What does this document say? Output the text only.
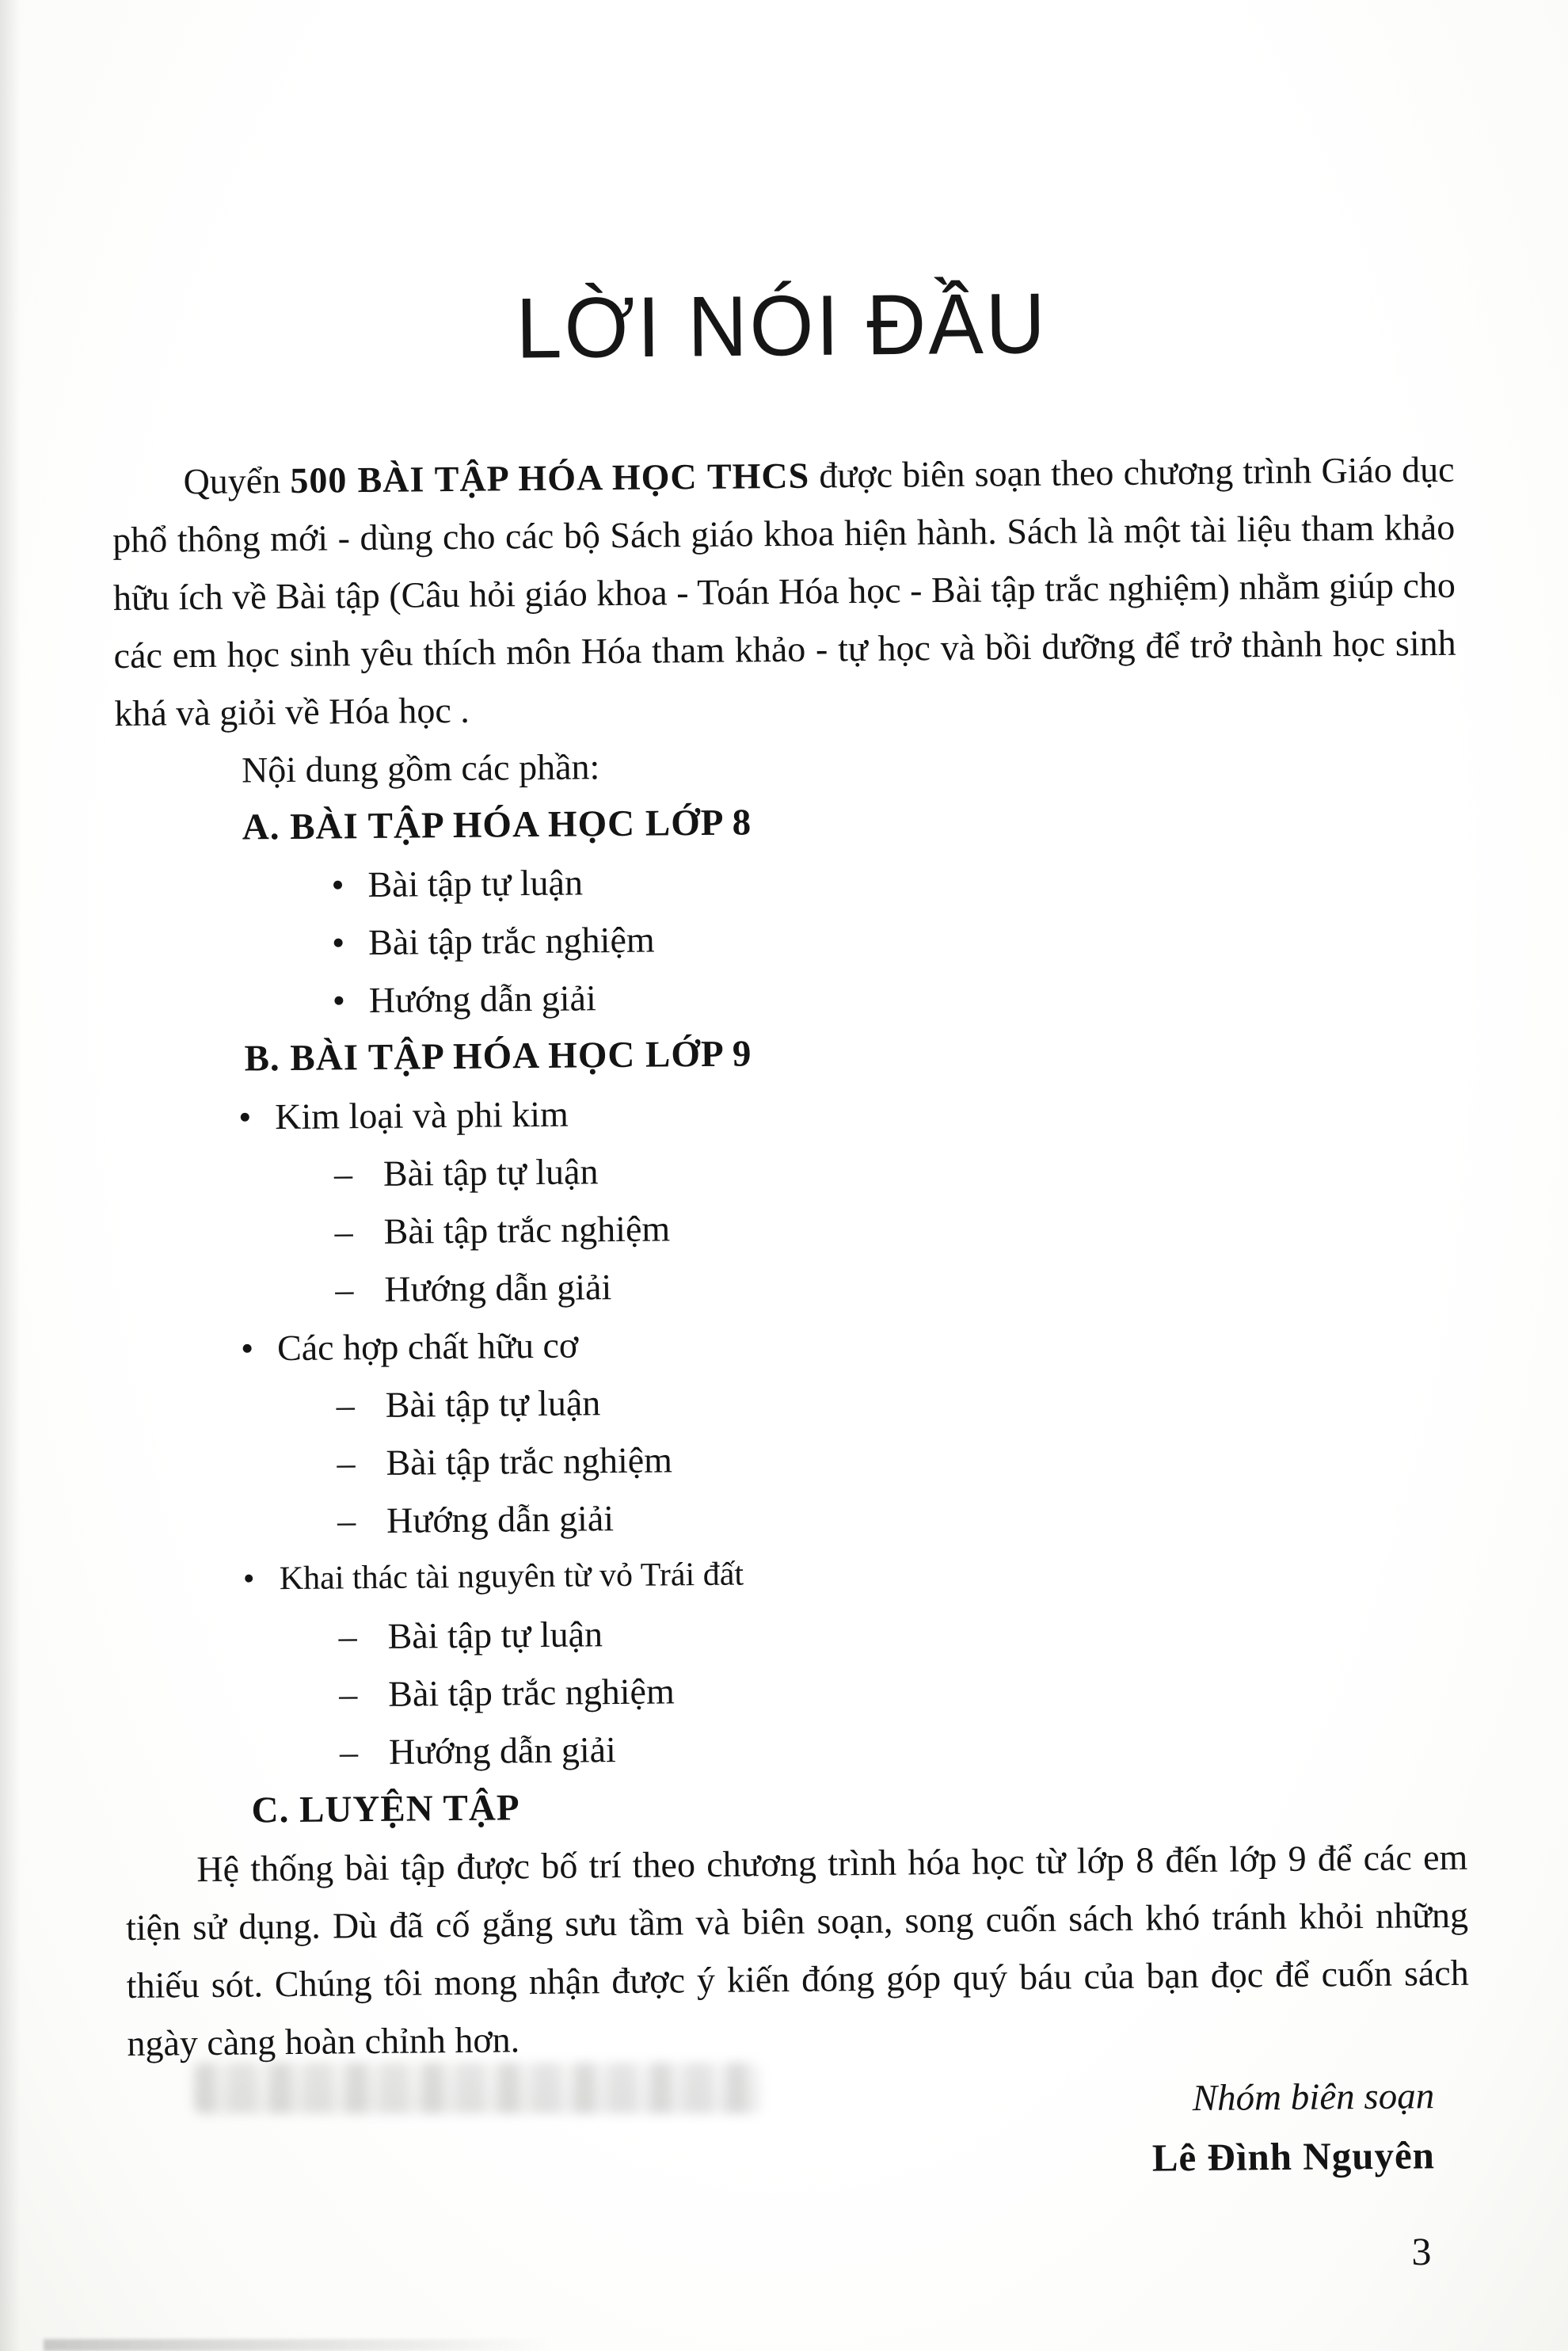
LỜI NÓI ĐẦU

Quyển 500 BÀI TẬP HÓA HỌC THCS được biên soạn theo chương trình Giáo dục phổ thông mới - dùng cho các bộ Sách giáo khoa hiện hành. Sách là một tài liệu tham khảo hữu ích về Bài tập (Câu hỏi giáo khoa - Toán Hóa học - Bài tập trắc nghiệm) nhằm giúp cho các em học sinh yêu thích môn Hóa tham khảo - tự học và bồi dưỡng để trở thành học sinh khá và giỏi về Hóa học .

Nội dung gồm các phần:
A. BÀI TẬP HÓA HỌC LỚP 8
• Bài tập tự luận
• Bài tập trắc nghiệm
• Hướng dẫn giải
B. BÀI TẬP HÓA HỌC LỚP 9
• Kim loại và phi kim
– Bài tập tự luận
– Bài tập trắc nghiệm
– Hướng dẫn giải
• Các hợp chất hữu cơ
– Bài tập tự luận
– Bài tập trắc nghiệm
– Hướng dẫn giải
• Khai thác tài nguyên từ vỏ Trái đất
– Bài tập tự luận
– Bài tập trắc nghiệm
– Hướng dẫn giải
C. LUYỆN TẬP

Hệ thống bài tập được bố trí theo chương trình hóa học từ lớp 8 đến lớp 9 để các em tiện sử dụng. Dù đã cố gắng sưu tầm và biên soạn, song cuốn sách khó tránh khỏi những thiếu sót. Chúng tôi mong nhận được ý kiến đóng góp quý báu của bạn đọc để cuốn sách ngày càng hoàn chỉnh hơn.

Nhóm biên soạn
Lê Đình Nguyên
3
